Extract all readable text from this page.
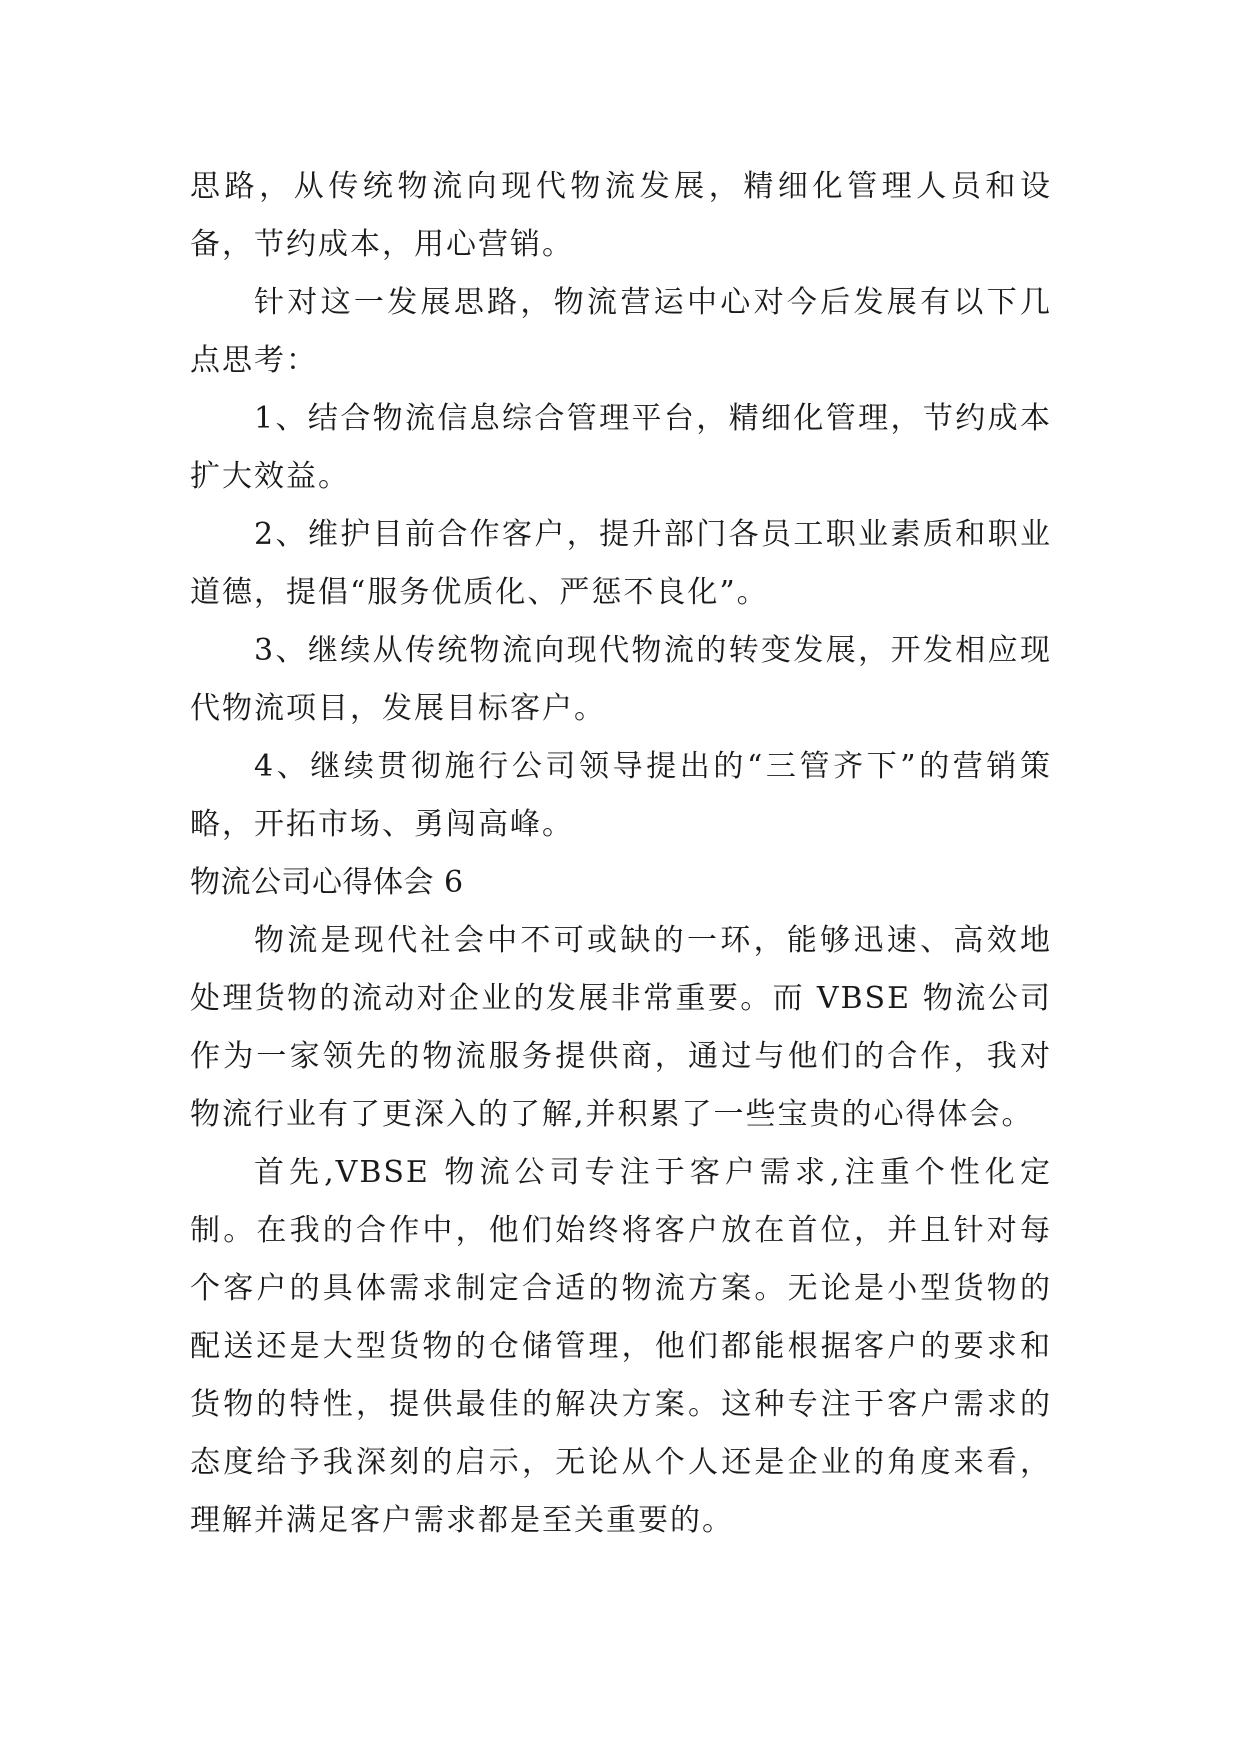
思路，从传统物流向现代物流发展，精细化管理人员和设备，节约成本，用心营销。

针对这一发展思路，物流营运中心对今后发展有以下几点思考：

1、结合物流信息综合管理平台，精细化管理，节约成本扩大效益。

2、维护目前合作客户，提升部门各员工职业素质和职业道德，提倡“服务优质化、严惩不良化”。

3、继续从传统物流向现代物流的转变发展，开发相应现代物流项目，发展目标客户。

4、继续贯彻施行公司领导提出的“三管齐下”的营销策略，开拓市场、勇闯高峰。

物流公司心得体会 6

物流是现代社会中不可或缺的一环，能够迅速、高效地处理货物的流动对企业的发展非常重要。而 VBSE 物流公司作为一家领先的物流服务提供商，通过与他们的合作，我对物流行业有了更深入的了解,并积累了一些宝贵的心得体会。

首先,VBSE 物流公司专注于客户需求,注重个性化定制。在我的合作中，他们始终将客户放在首位，并且针对每个客户的具体需求制定合适的物流方案。无论是小型货物的配送还是大型货物的仓储管理，他们都能根据客户的要求和货物的特性，提供最佳的解决方案。这种专注于客户需求的态度给予我深刻的启示，无论从个人还是企业的角度来看，理解并满足客户需求都是至关重要的。
